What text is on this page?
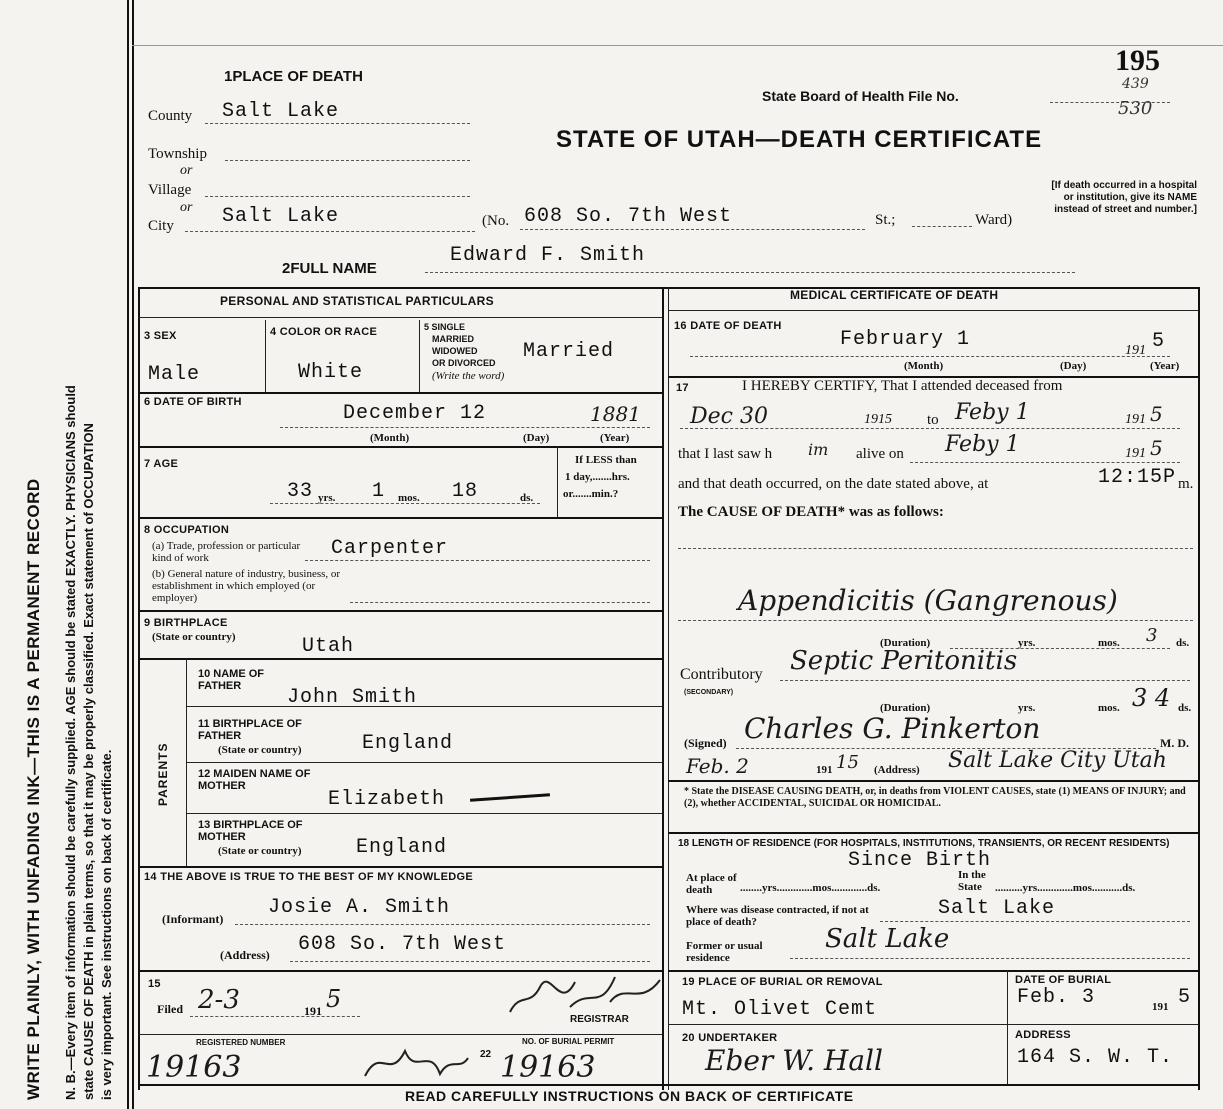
WRITE PLAINLY, WITH UNFADING INK—THIS IS A PERMANENT RECORD N. B.—Every item of information should be carefully supplied. AGE should be stated EXACTLY. PHYSICIANS should state CAUSE OF DEATH in plain terms, so that it may be properly classified. Exact statement of OCCUPATION is very important. See instructions on back of certificate.
195
439
530
State Board of Health File No.
STATE OF UTAH—DEATH CERTIFICATE
[If death occurred in a hospital or institution, give its NAME instead of street and number.]
1PLACE OF DEATH
County Salt Lake
Township
or
Village
or
City Salt Lake	(No. 608 So. 7th West	St.;	Ward)
2FULL NAME
Edward F. Smith
PERSONAL AND STATISTICAL PARTICULARS
3 SEX
Male
4 COLOR OR RACE
White
5 SINGLE
MARRIED
WIDOWED
OR DIVORCED
(Write the word)
Married
6 DATE OF BIRTH	December 12	1881
(Month)	(Day)	(Year)
7 AGE
33 yrs. 1 mos. 18	ds.
If LESS than
1 day,.......hrs.
or.......min.?
8 OCCUPATION
(a) Trade, profession or particular kind of work	Carpenter
(b) General nature of industry, business, or establishment in which employed (or employer)
9 BIRTHPLACE
(State or country)	Utah
PARENTS
10 NAME OF FATHER	John Smith
11 BIRTHPLACE OF FATHER
(State or country)	England
12 MAIDEN NAME OF MOTHER
Elizabeth
13 BIRTHPLACE OF MOTHER
(State or country)	England
14 THE ABOVE IS TRUE TO THE BEST OF MY KNOWLEDGE
(Informant) Josie A. Smith
(Address) 608 So. 7th West
15
Filed 2-3	191 5
REGISTRAR
REGISTERED NUMBER
19163	22
NO. OF BURIAL PERMIT
19163
MEDICAL CERTIFICATE OF DEATH
16 DATE OF DEATH
February 1	191 5
(Month)	(Day)	(Year)
17	I HEREBY CERTIFY, That I attended deceased from
Dec 30	1915 to Feby 1	191 5
that I last saw h im alive on Feby 1	191 5
and that death occurred, on the date stated above, at	12:15P m.
The CAUSE OF DEATH* was as follows:
Appendicitis (Gangrenous)
(Duration)	yrs.	mos. 3 ds.
Contributory
(SECONDARY)
Septic Peritonitis
(Duration)	yrs.	mos. 3 4 ds.
(Signed) Charles G. Pinkerton	M. D.
Feb. 2	191 15 (Address) Salt Lake City Utah
* State the DISEASE CAUSING DEATH, or, in deaths from VIOLENT CAUSES, state (1) MEANS OF INJURY; and (2), whether ACCIDENTAL, SUICIDAL OR HOMICIDAL.
18 LENGTH OF RESIDENCE (FOR HOSPITALS, INSTITUTIONS, TRANSIENTS, OR RECENT RESIDENTS)
Since Birth
At place of death	........yrs.............mos.............ds.
In the State	..........yrs.............mos...........ds.
Where was disease contracted, if not at place of death?
Salt Lake
Former or usual residence
Salt Lake
19 PLACE OF BURIAL OR REMOVAL
Mt. Olivet Cemt
DATE OF BURIAL
Feb. 3	191 5
20 UNDERTAKER
Eber W. Hall
ADDRESS
164 S. W. T.
READ CAREFULLY INSTRUCTIONS ON BACK OF CERTIFICATE
